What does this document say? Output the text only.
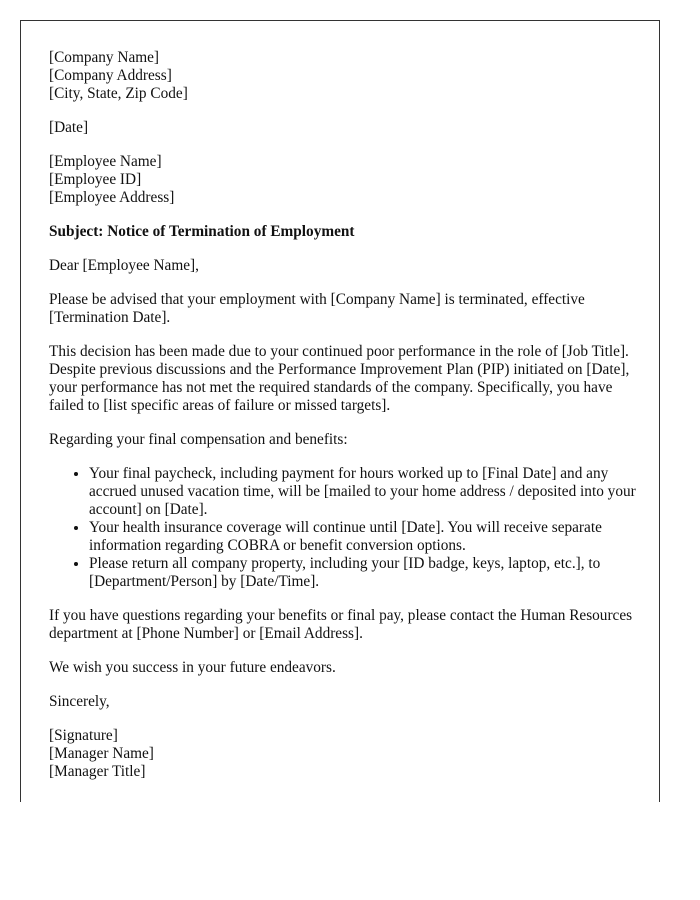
[Company Name]
[Company Address]
[City, State, Zip Code]

[Date]

[Employee Name]
[Employee ID]
[Employee Address]

Subject: Notice of Termination of Employment

Dear [Employee Name],

Please be advised that your employment with [Company Name] is terminated, effective [Termination Date].

This decision has been made due to your continued poor performance in the role of [Job Title]. Despite previous discussions and the Performance Improvement Plan (PIP) initiated on [Date], your performance has not met the required standards of the company. Specifically, you have failed to [list specific areas of failure or missed targets].

Regarding your final compensation and benefits:

• Your final paycheck, including payment for hours worked up to [Final Date] and any accrued unused vacation time, will be [mailed to your home address / deposited into your account] on [Date].
• Your health insurance coverage will continue until [Date]. You will receive separate information regarding COBRA or benefit conversion options.
• Please return all company property, including your [ID badge, keys, laptop, etc.], to [Department/Person] by [Date/Time].

If you have questions regarding your benefits or final pay, please contact the Human Resources department at [Phone Number] or [Email Address].

We wish you success in your future endeavors.

Sincerely,

[Signature]
[Manager Name]
[Manager Title]
